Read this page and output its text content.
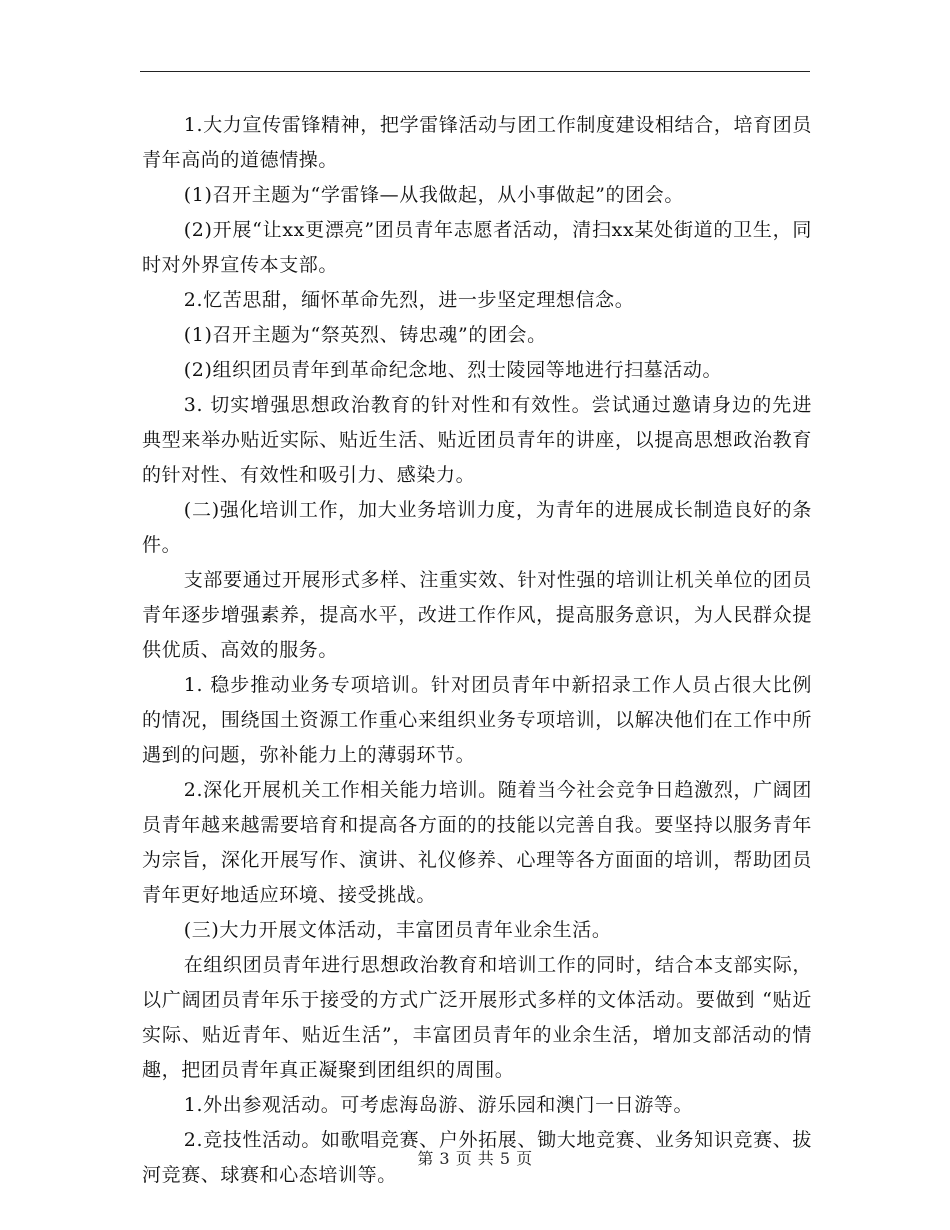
1.大力宣传雷锋精神，把学雷锋活动与团工作制度建设相结合，培育团员青年高尚的道德情操。

(1)召开主题为“学雷锋—从我做起，从小事做起”的团会。

(2)开展“让xx更漂亮”团员青年志愿者活动，清扫xx某处街道的卫生，同时对外界宣传本支部。

2.忆苦思甜，缅怀革命先烈，进一步坚定理想信念。

(1)召开主题为“祭英烈、铸忠魂”的团会。

(2)组织团员青年到革命纪念地、烈士陵园等地进行扫墓活动。

3. 切实增强思想政治教育的针对性和有效性。尝试通过邀请身边的先进典型来举办贴近实际、贴近生活、贴近团员青年的讲座，以提高思想政治教育的针对性、有效性和吸引力、感染力。

(二)强化培训工作，加大业务培训力度，为青年的进展成长制造良好的条件。

支部要通过开展形式多样、注重实效、针对性强的培训让机关单位的团员青年逐步增强素养，提高水平，改进工作作风，提高服务意识，为人民群众提供优质、高效的服务。

1. 稳步推动业务专项培训。针对团员青年中新招录工作人员占很大比例的情况，围绕国土资源工作重心来组织业务专项培训，以解决他们在工作中所遇到的问题，弥补能力上的薄弱环节。

2.深化开展机关工作相关能力培训。随着当今社会竞争日趋激烈，广阔团员青年越来越需要培育和提高各方面的的技能以完善自我。要坚持以服务青年为宗旨，深化开展写作、演讲、礼仪修养、心理等各方面面的培训，帮助团员青年更好地适应环境、接受挑战。

(三)大力开展文体活动，丰富团员青年业余生活。

在组织团员青年进行思想政治教育和培训工作的同时，结合本支部实际，以广阔团员青年乐于接受的方式广泛开展形式多样的文体活动。要做到 “贴近实际、贴近青年、贴近生活”，丰富团员青年的业余生活，增加支部活动的情趣，把团员青年真正凝聚到团组织的周围。

1.外出参观活动。可考虑海岛游、游乐园和澳门一日游等。

2.竞技性活动。如歌唱竞赛、户外拓展、锄大地竞赛、业务知识竞赛、拔河竞赛、球赛和心态培训等。

第 3 页 共 5 页
